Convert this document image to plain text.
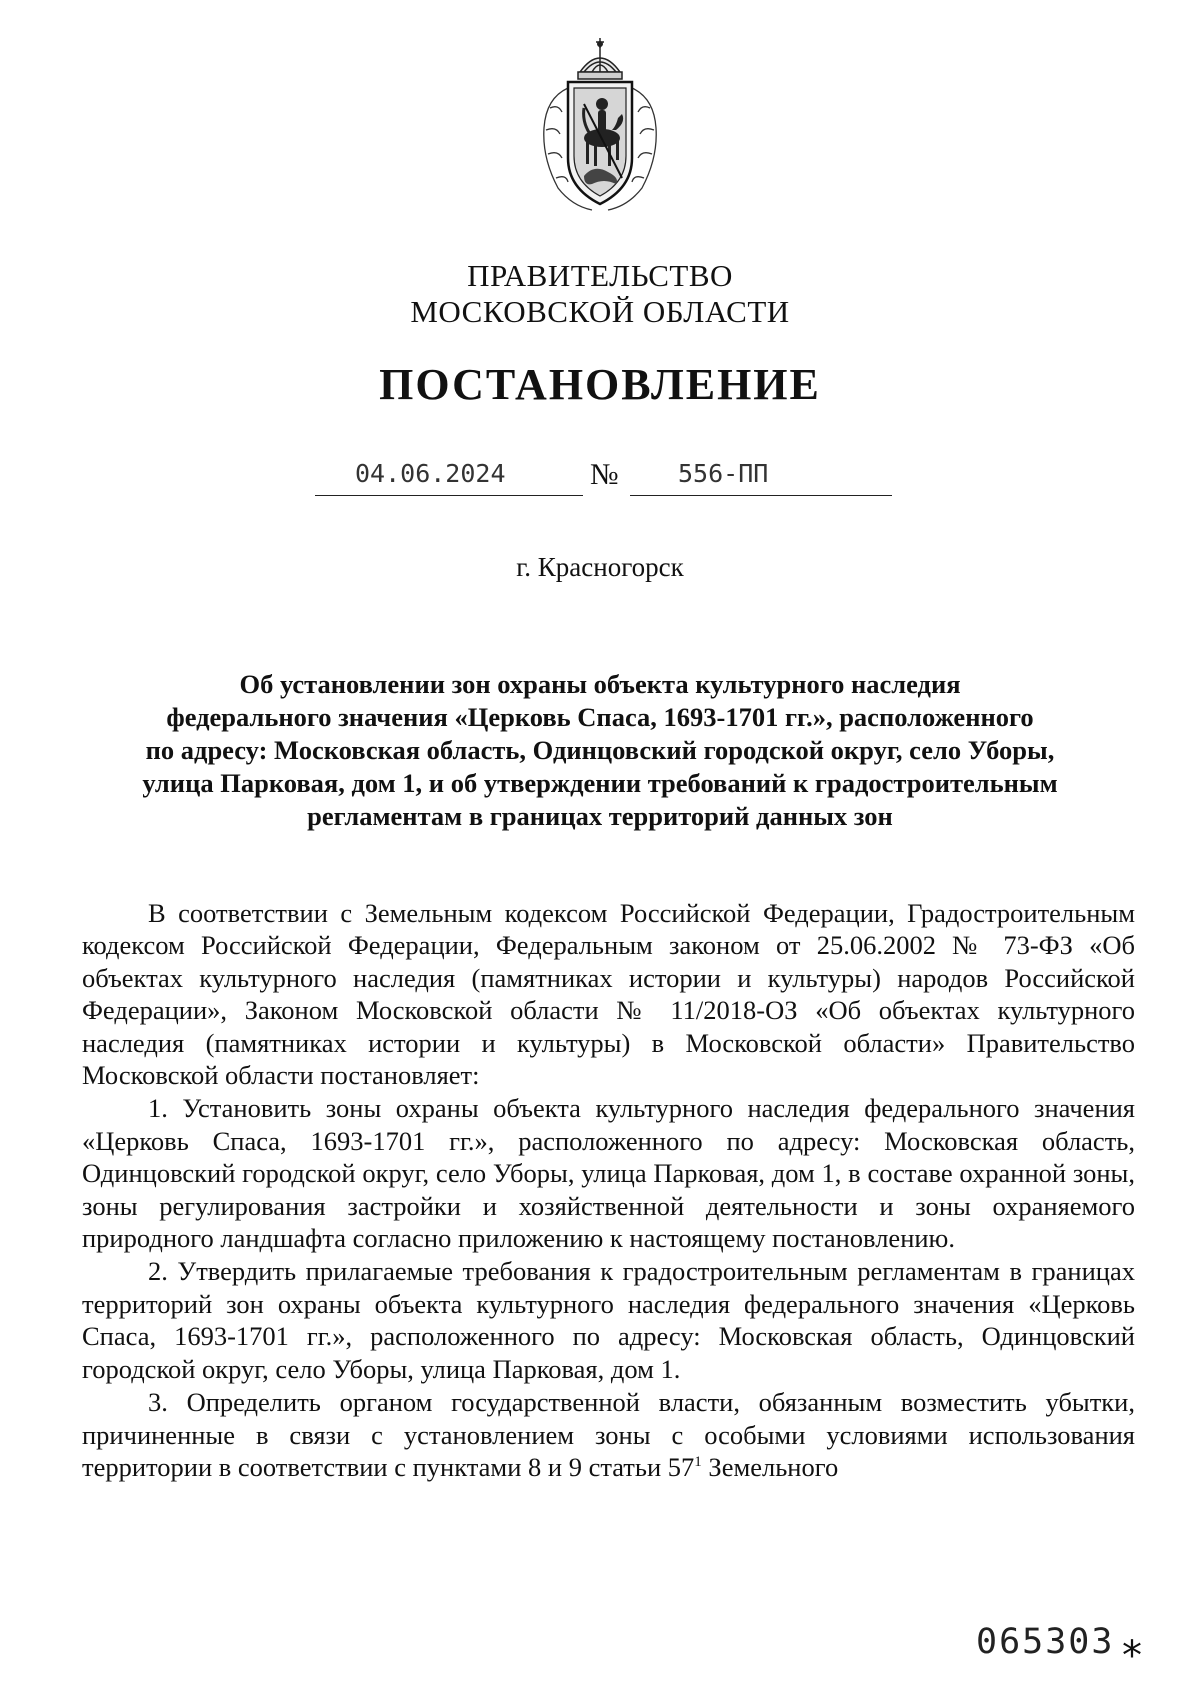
ПРАВИТЕЛЬСТВО
МОСКОВСКОЙ ОБЛАСТИ
ПОСТАНОВЛЕНИЕ
04.06.2024	№ 556-ПП
г. Красногорск
Об установлении зон охраны объекта культурного наследия
федерального значения «Церковь Спаса, 1693-1701 гг.», расположенного
по адресу: Московская область, Одинцовский городской округ, село Уборы,
улица Парковая, дом 1, и об утверждении требований к градостроительным
регламентам в границах территорий данных зон

В соответствии с Земельным кодексом Российской Федерации, Градостроительным кодексом Российской Федерации, Федеральным законом от 25.06.2002 № 73-ФЗ «Об объектах культурного наследия (памятниках истории и культуры) народов Российской Федерации», Законом Московской области № 11/2018-ОЗ «Об объектах культурного наследия (памятниках истории и культуры) в Московской области» Правительство Московской области постановляет:

1. Установить зоны охраны объекта культурного наследия федерального значения «Церковь Спаса, 1693-1701 гг.», расположенного по адресу: Московская область, Одинцовский городской округ, село Уборы, улица Парковая, дом 1, в составе охранной зоны, зоны регулирования застройки и хозяйственной деятельности и зоны охраняемого природного ландшафта согласно приложению к настоящему постановлению.

2. Утвердить прилагаемые требования к градостроительным регламентам в границах территорий зон охраны объекта культурного наследия федерального значения «Церковь Спаса, 1693-1701 гг.», расположенного по адресу: Московская область, Одинцовский городской округ, село Уборы, улица Парковая, дом 1.

3. Определить органом государственной власти, обязанным возместить убытки, причиненные в связи с установлением зоны с особыми условиями использования территории в соответствии с пунктами 8 и 9 статьи $57^1$ Земельного

065303 *
